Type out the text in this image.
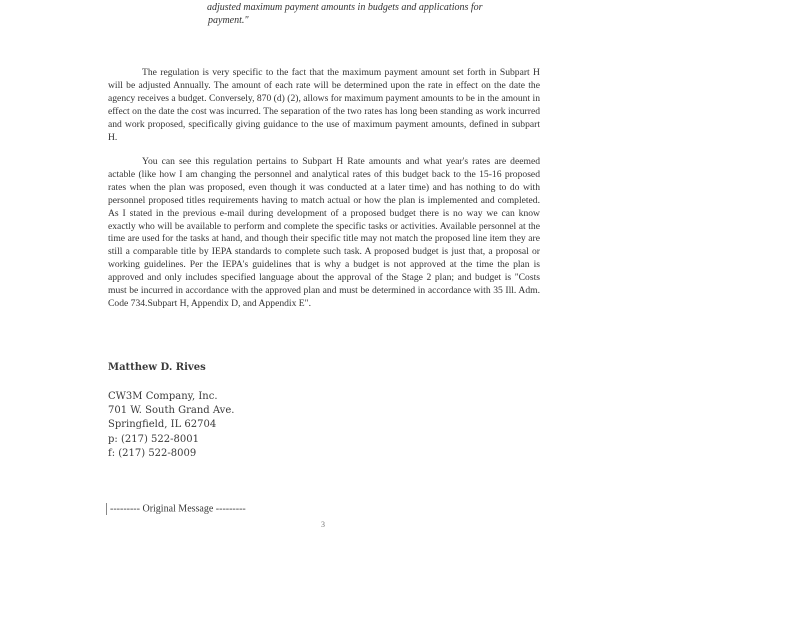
adjusted maximum payment amounts in budgets and applications for
payment."
The regulation is very specific to the fact that the maximum payment amount set forth in Subpart H will be adjusted Annually. The amount of each rate will be determined upon the rate in effect on the date the agency receives a budget. Conversely, 870 (d) (2), allows for maximum payment amounts to be in the amount in effect on the date the cost was incurred. The separation of the two rates has long been standing as work incurred and work proposed, specifically giving guidance to the use of maximum payment amounts, defined in subpart H.
You can see this regulation pertains to Subpart H Rate amounts and what year's rates are deemed actable (like how I am changing the personnel and analytical rates of this budget back to the 15-16 proposed rates when the plan was proposed, even though it was conducted at a later time) and has nothing to do with personnel proposed titles requirements having to match actual or how the plan is implemented and completed. As I stated in the previous e-mail during development of a proposed budget there is no way we can know exactly who will be available to perform and complete the specific tasks or activities. Available personnel at the time are used for the tasks at hand, and though their specific title may not match the proposed line item they are still a comparable title by IEPA standards to complete such task. A proposed budget is just that, a proposal or working guidelines. Per the IEPA's guidelines that is why a budget is not approved at the time the plan is approved and only includes specified language about the approval of the Stage 2 plan; and budget is "Costs must be incurred in accordance with the approved plan and must be determined in accordance with 35 Ill. Adm. Code 734.Subpart H, Appendix D, and Appendix E".
Matthew D. Rives
CW3M Company, Inc.
701 W. South Grand Ave.
Springfield, IL 62704
p: (217) 522-8001
f: (217) 522-8009
--------- Original Message ---------
3
